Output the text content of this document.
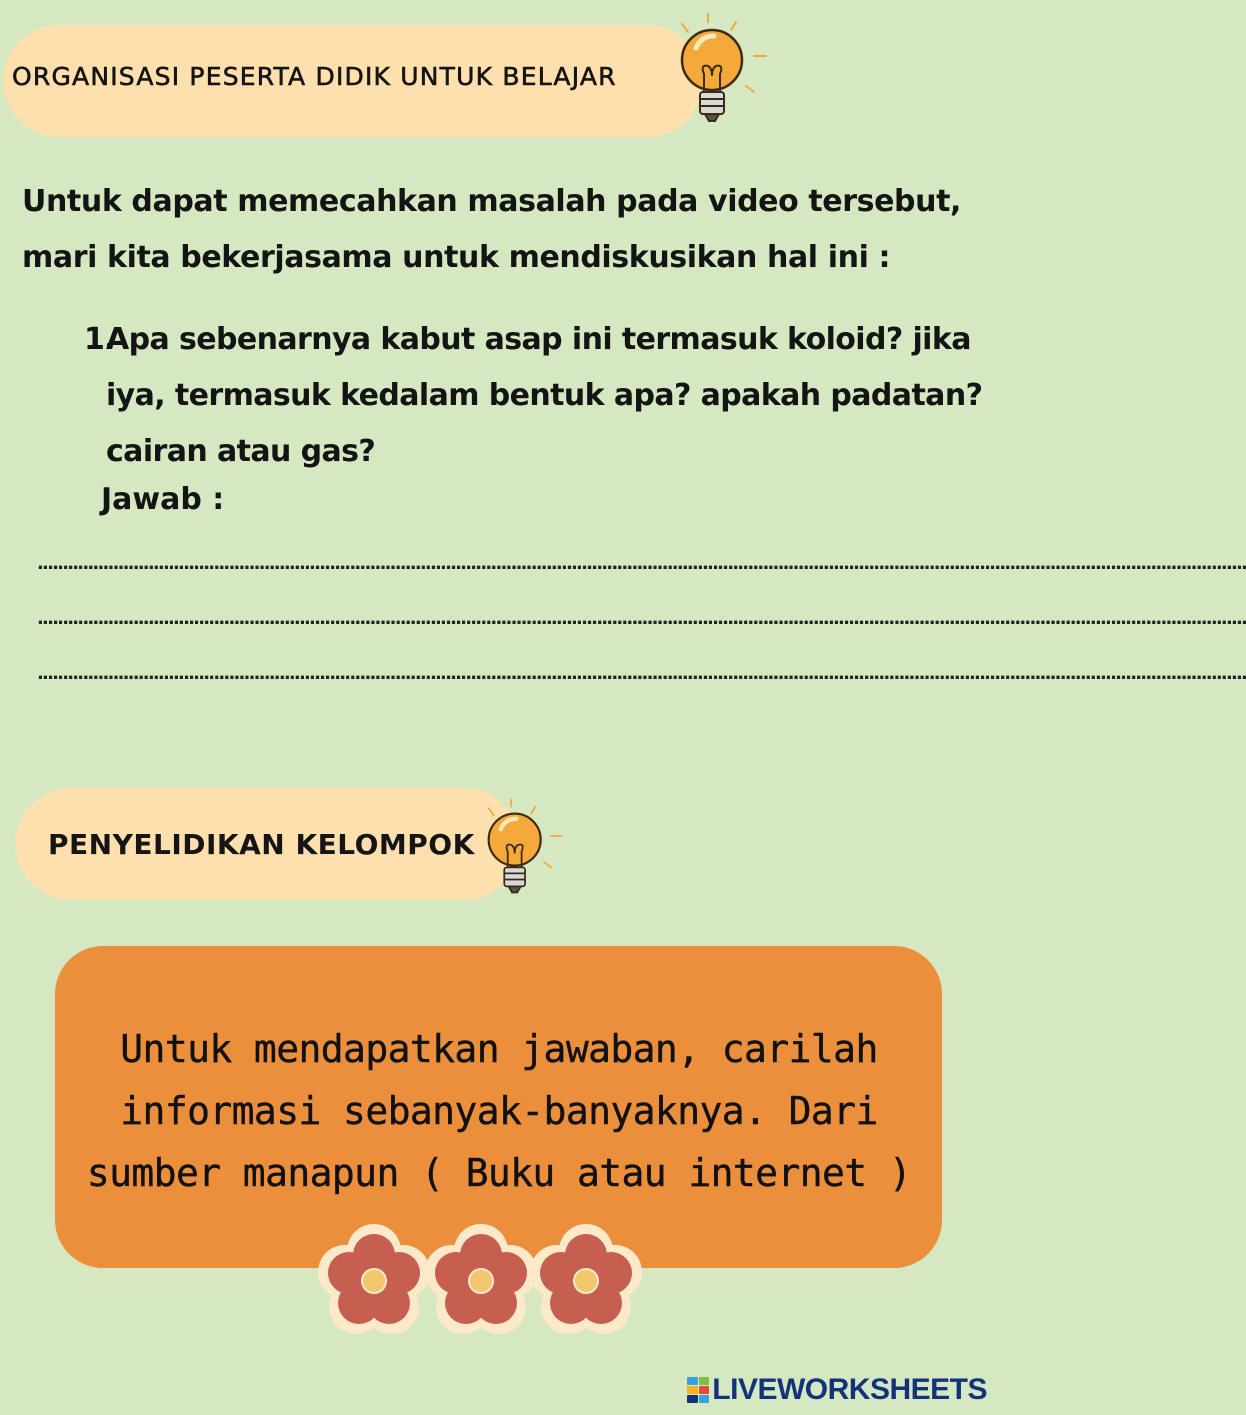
ORGANISASI PESERTA DIDIK UNTUK BELAJAR
Untuk dapat memecahkan masalah pada video tersebut, mari kita bekerjasama untuk mendiskusikan hal ini :
1.
Apa sebenarnya kabut asap ini termasuk koloid? jika iya, termasuk kedalam bentuk apa? apakah padatan? cairan atau gas?
Jawab :
................................................................................................................................................................................................................................................
................................................................................................................................................................................................................................................
................................................................................................................................................................................................................................................
PENYELIDIKAN KELOMPOK
Untuk mendapatkan jawaban, carilah informasi sebanyak-banyaknya. Dari sumber manapun ( Buku atau internet )
LIVEWORKSHEETS
